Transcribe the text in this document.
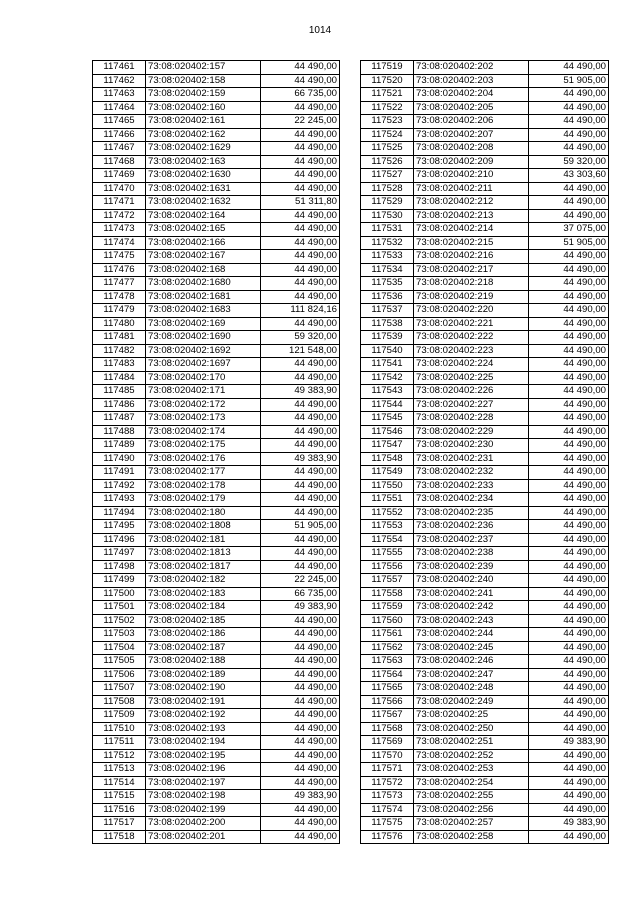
1014
117461	73:08:020402:157	44 490,00
117462	73:08:020402:158	44 490,00
117463	73:08:020402:159	66 735,00
117464	73:08:020402:160	44 490,00
117465	73:08:020402:161	22 245,00
117466	73:08:020402:162	44 490,00
117467	73:08:020402:1629	44 490,00
117468	73:08:020402:163	44 490,00
117469	73:08:020402:1630	44 490,00
117470	73:08:020402:1631	44 490,00
117471	73:08:020402:1632	51 311,80
117472	73:08:020402:164	44 490,00
117473	73:08:020402:165	44 490,00
117474	73:08:020402:166	44 490,00
117475	73:08:020402:167	44 490,00
117476	73:08:020402:168	44 490,00
117477	73:08:020402:1680	44 490,00
117478	73:08:020402:1681	44 490,00
117479	73:08:020402:1683	111 824,16
117480	73:08:020402:169	44 490,00
117481	73:08:020402:1690	59 320,00
117482	73:08:020402:1692	121 548,00
117483	73:08:020402:1697	44 490,00
117484	73:08:020402:170	44 490,00
117485	73:08:020402:171	49 383,90
117486	73:08:020402:172	44 490,00
117487	73:08:020402:173	44 490,00
117488	73:08:020402:174	44 490,00
117489	73:08:020402:175	44 490,00
117490	73:08:020402:176	49 383,90
117491	73:08:020402:177	44 490,00
117492	73:08:020402:178	44 490,00
117493	73:08:020402:179	44 490,00
117494	73:08:020402:180	44 490,00
117495	73:08:020402:1808	51 905,00
117496	73:08:020402:181	44 490,00
117497	73:08:020402:1813	44 490,00
117498	73:08:020402:1817	44 490,00
117499	73:08:020402:182	22 245,00
117500	73:08:020402:183	66 735,00
117501	73:08:020402:184	49 383,90
117502	73:08:020402:185	44 490,00
117503	73:08:020402:186	44 490,00
117504	73:08:020402:187	44 490,00
117505	73:08:020402:188	44 490,00
117506	73:08:020402:189	44 490,00
117507	73:08:020402:190	44 490,00
117508	73:08:020402:191	44 490,00
117509	73:08:020402:192	44 490,00
117510	73:08:020402:193	44 490,00
117511	73:08:020402:194	44 490,00
117512	73:08:020402:195	44 490,00
117513	73:08:020402:196	44 490,00
117514	73:08:020402:197	44 490,00
117515	73:08:020402:198	49 383,90
117516	73:08:020402:199	44 490,00
117517	73:08:020402:200	44 490,00
117518	73:08:020402:201	44 490,00
117519	73:08:020402:202	44 490,00
117520	73:08:020402:203	51 905,00
117521	73:08:020402:204	44 490,00
117522	73:08:020402:205	44 490,00
117523	73:08:020402:206	44 490,00
117524	73:08:020402:207	44 490,00
117525	73:08:020402:208	44 490,00
117526	73:08:020402:209	59 320,00
117527	73:08:020402:210	43 303,60
117528	73:08:020402:211	44 490,00
117529	73:08:020402:212	44 490,00
117530	73:08:020402:213	44 490,00
117531	73:08:020402:214	37 075,00
117532	73:08:020402:215	51 905,00
117533	73:08:020402:216	44 490,00
117534	73:08:020402:217	44 490,00
117535	73:08:020402:218	44 490,00
117536	73:08:020402:219	44 490,00
117537	73:08:020402:220	44 490,00
117538	73:08:020402:221	44 490,00
117539	73:08:020402:222	44 490,00
117540	73:08:020402:223	44 490,00
117541	73:08:020402:224	44 490,00
117542	73:08:020402:225	44 490,00
117543	73:08:020402:226	44 490,00
117544	73:08:020402:227	44 490,00
117545	73:08:020402:228	44 490,00
117546	73:08:020402:229	44 490,00
117547	73:08:020402:230	44 490,00
117548	73:08:020402:231	44 490,00
117549	73:08:020402:232	44 490,00
117550	73:08:020402:233	44 490,00
117551	73:08:020402:234	44 490,00
117552	73:08:020402:235	44 490,00
117553	73:08:020402:236	44 490,00
117554	73:08:020402:237	44 490,00
117555	73:08:020402:238	44 490,00
117556	73:08:020402:239	44 490,00
117557	73:08:020402:240	44 490,00
117558	73:08:020402:241	44 490,00
117559	73:08:020402:242	44 490,00
117560	73:08:020402:243	44 490,00
117561	73:08:020402:244	44 490,00
117562	73:08:020402:245	44 490,00
117563	73:08:020402:246	44 490,00
117564	73:08:020402:247	44 490,00
117565	73:08:020402:248	44 490,00
117566	73:08:020402:249	44 490,00
117567	73:08:020402:25	44 490,00
117568	73:08:020402:250	44 490,00
117569	73:08:020402:251	49 383,90
117570	73:08:020402:252	44 490,00
117571	73:08:020402:253	44 490,00
117572	73:08:020402:254	44 490,00
117573	73:08:020402:255	44 490,00
117574	73:08:020402:256	44 490,00
117575	73:08:020402:257	49 383,90
117576	73:08:020402:258	44 490,00
